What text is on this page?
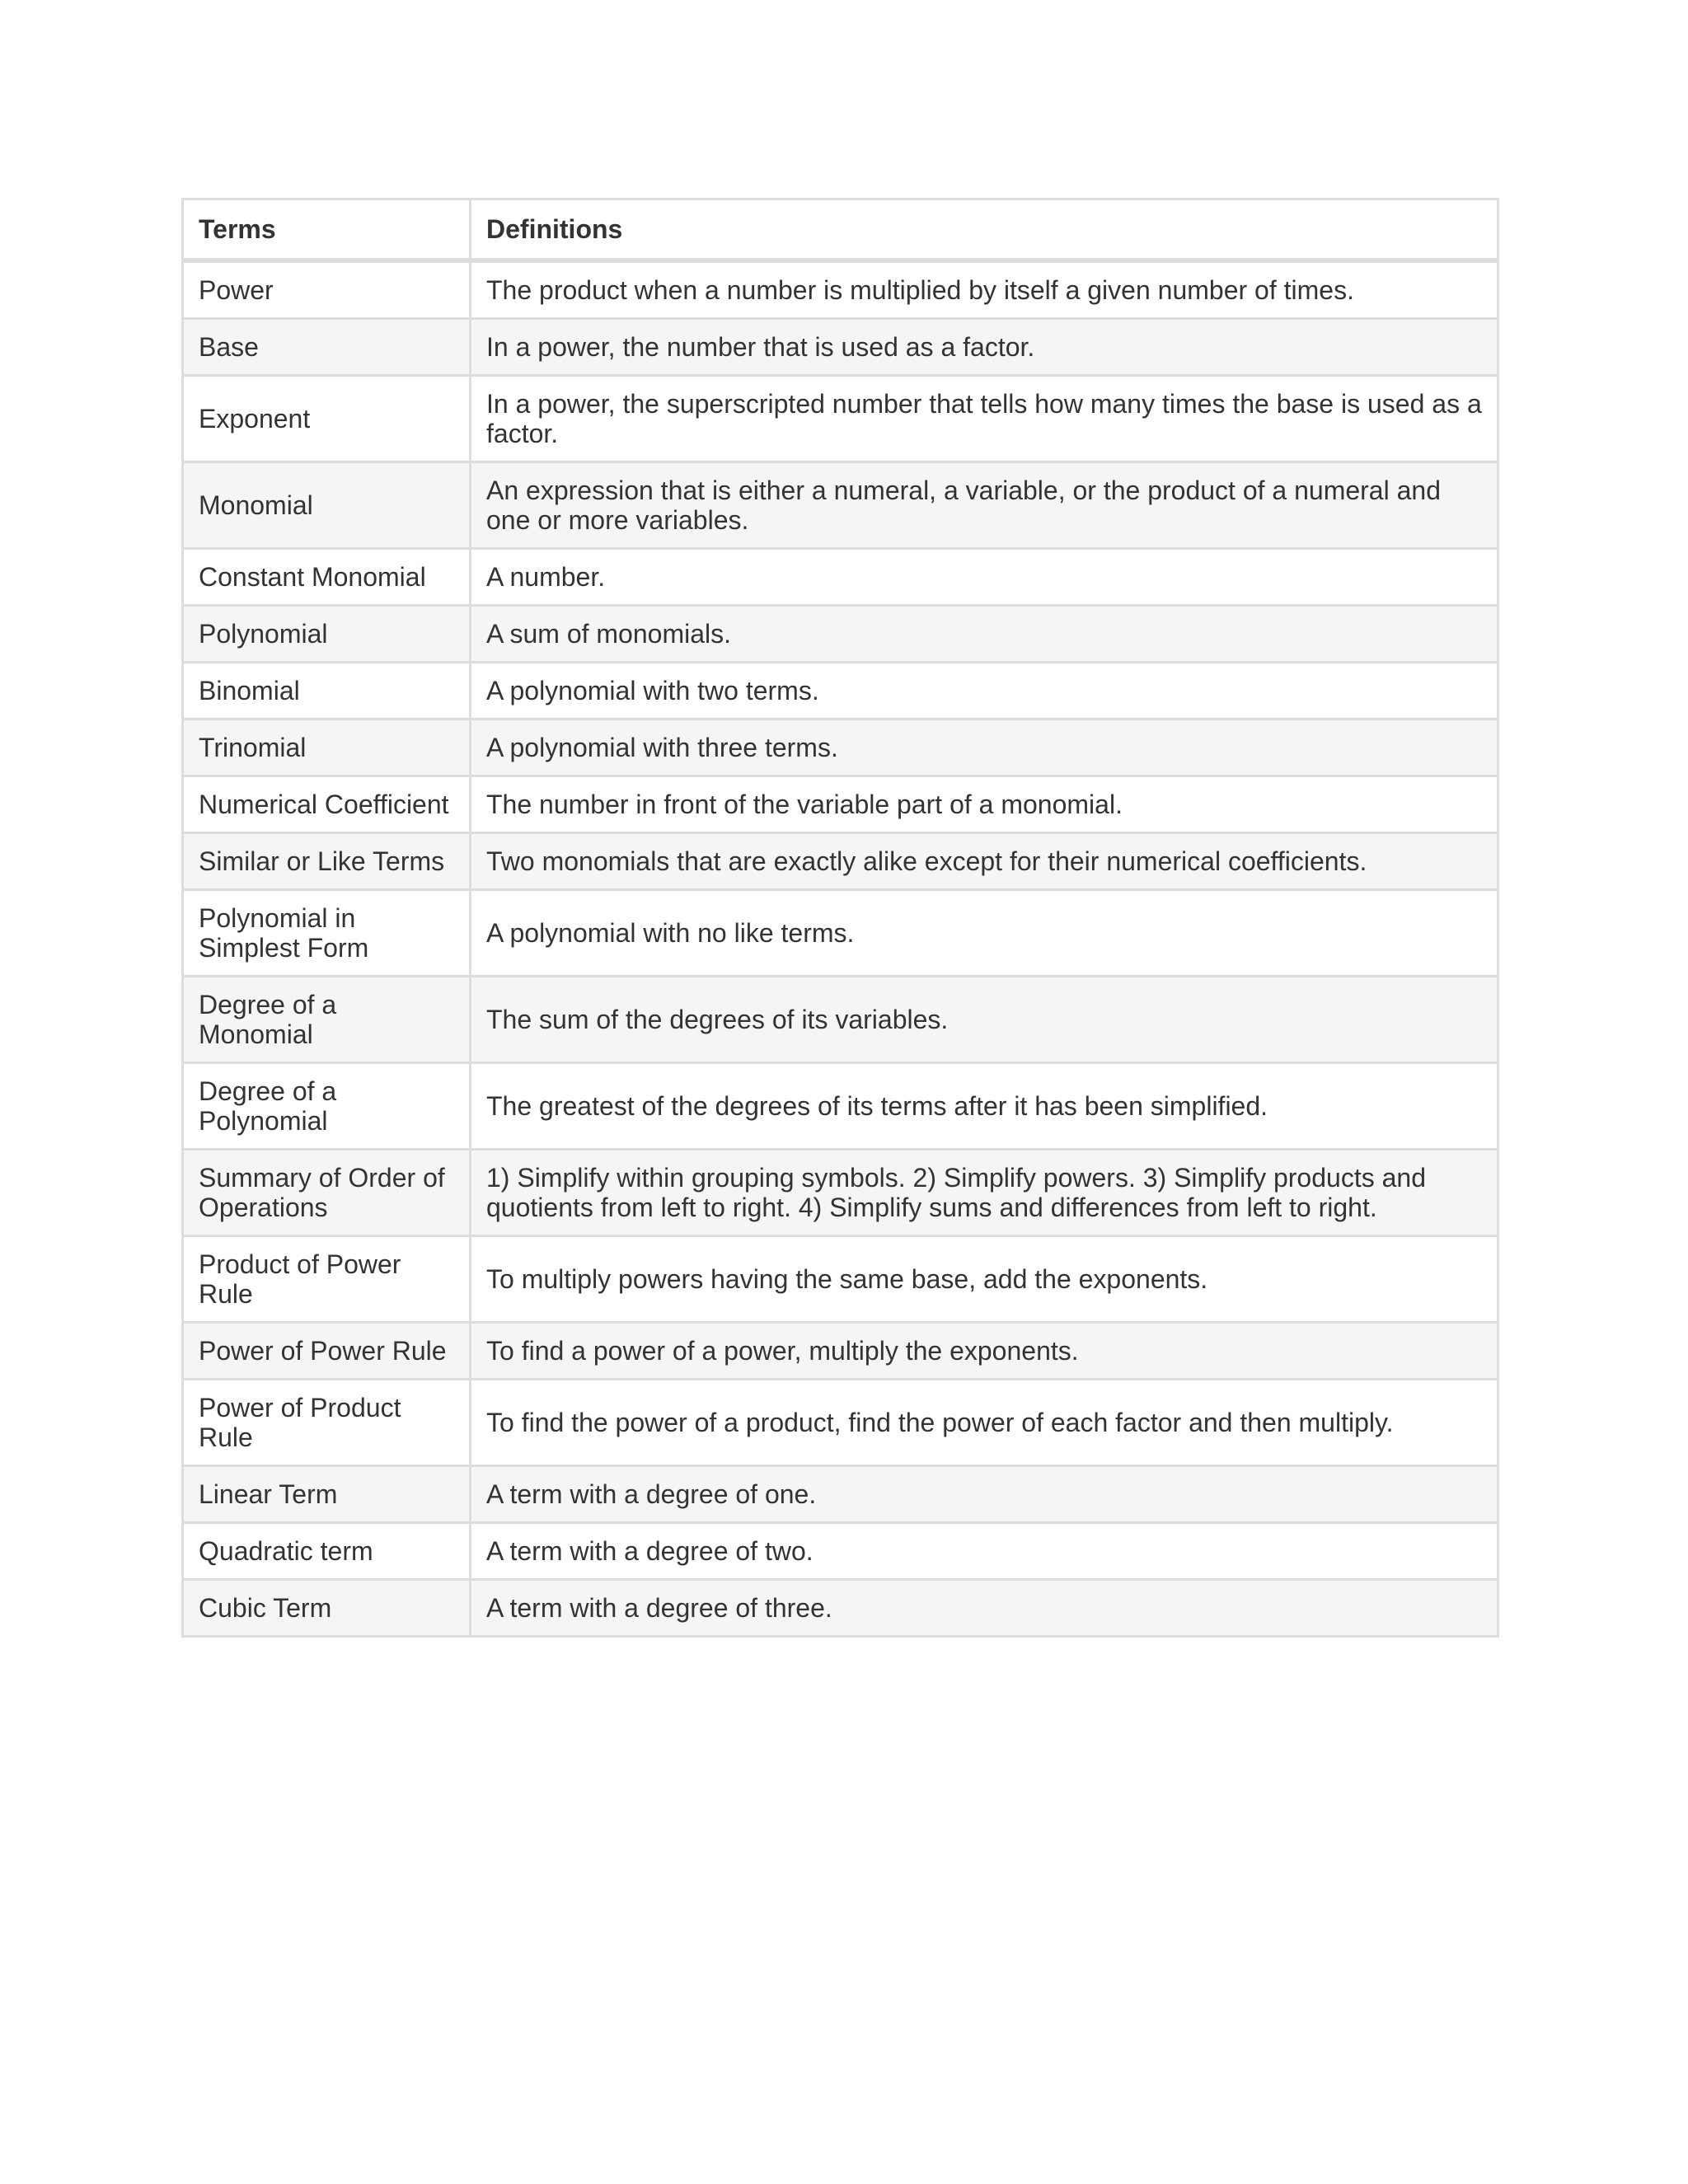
Terms	Definitions
Power	The product when a number is multiplied by itself a given number of times.
Base	In a power, the number that is used as a factor.
Exponent	In a power, the superscripted number that tells how many times the base is used as a factor.
Monomial	An expression that is either a numeral, a variable, or the product of a numeral and one or more variables.
Constant Monomial	A number.
Polynomial	A sum of monomials.
Binomial	A polynomial with two terms.
Trinomial	A polynomial with three terms.
Numerical Coefficient	The number in front of the variable part of a monomial.
Similar or Like Terms	Two monomials that are exactly alike except for their numerical coefficients.
Polynomial in Simplest Form	A polynomial with no like terms.
Degree of a Monomial	The sum of the degrees of its variables.
Degree of a Polynomial	The greatest of the degrees of its terms after it has been simplified.
Summary of Order of Operations	1) Simplify within grouping symbols. 2) Simplify powers. 3) Simplify products and quotients from left to right. 4) Simplify sums and differences from left to right.
Product of Power Rule	To multiply powers having the same base, add the exponents.
Power of Power Rule	To find a power of a power, multiply the exponents.
Power of Product Rule	To find the power of a product, find the power of each factor and then multiply.
Linear Term	A term with a degree of one.
Quadratic term	A term with a degree of two.
Cubic Term	A term with a degree of three.
